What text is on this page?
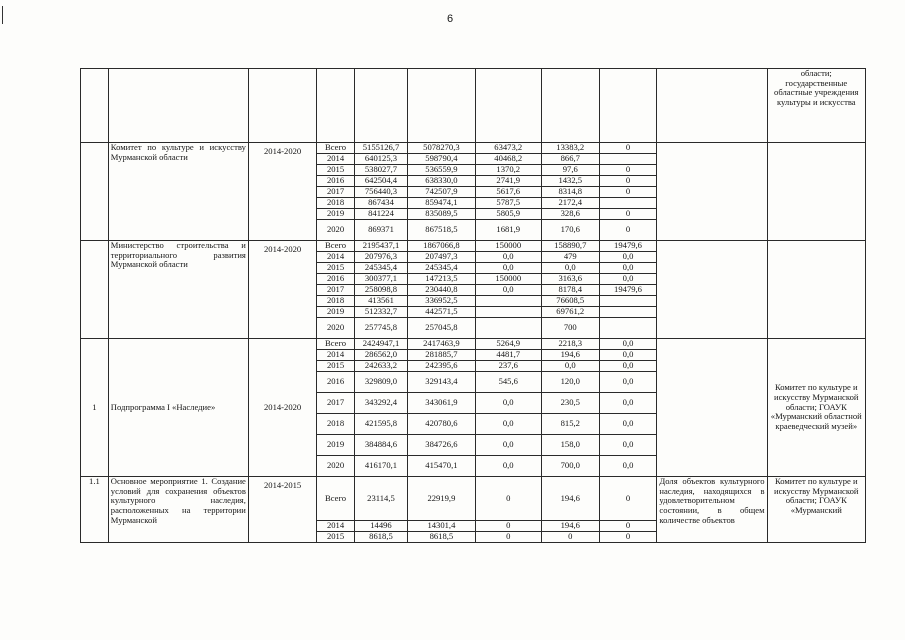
6
										области; государственные областные учреждения культуры и искусства
	Комитет по культуре и искусству Мурманской области	2014-2020	Всего	5155126,7	5078270,3	63473,2	13383,2	0		
			2014	640125,3	598790,4	40468,2	866,7			
			2015	538027,7	536559,9	1370,2	97,6	0		
			2016	642504,4	638330,0	2741,9	1432,5	0		
			2017	756440,3	742507,9	5617,6	8314,8	0		
			2018	867434	859474,1	5787,5	2172,4			
			2019	841224	835089,5	5805,9	328,6	0		
			2020	869371	867518,5	1681,9	170,6	0		
	Министерство строительства и территориального развития Мурманской области	2014-2020	Всего	2195437,1	1867066,8	150000	158890,7	19479,6		
			2014	207976,3	207497,3	0,0	479	0,0		
			2015	245345,4	245345,4	0,0	0,0	0,0		
			2016	300377,1	147213,5	150000	3163,6	0,0		
			2017	258098,8	230440,8	0,0	8178,4	19479,6		
			2018	413561	336952,5		76608,5			
			2019	512332,7	442571,5		69761,2			
			2020	257745,8	257045,8		700			
1	Подпрограмма I «Наследие»	2014-2020	Всего	2424947,1	2417463,9	5264,9	2218,3	0,0		Комитет по культуре и искусству Мурманской области; ГОАУК «Мурманский областной краеведческий музей»
			2014	286562,0	281885,7	4481,7	194,6	0,0		
			2015	242633,2	242395,6	237,6	0,0	0,0		
			2016	329809,0	329143,4	545,6	120,0	0,0		
			2017	343292,4	343061,9	0,0	230,5	0,0		
			2018	421595,8	420780,6	0,0	815,2	0,0		
			2019	384884,6	384726,6	0,0	158,0	0,0		
			2020	416170,1	415470,1	0,0	700,0	0,0		
1.1	Основное мероприятие 1. Создание условий для сохранения объектов культурного наследия, расположенных на территории Мурманской	2014-2015	Всего	23114,5	22919,9	0	194,6	0	Доля объектов культурного наследия, находящихся в удовлетворительном состоянии, в общем количестве объектов	Комитет по культуре и искусству Мурманской области; ГОАУК «Мурманский
			2014	14496	14301,4	0	194,6	0		
			2015	8618,5	8618,5	0	0	0		
